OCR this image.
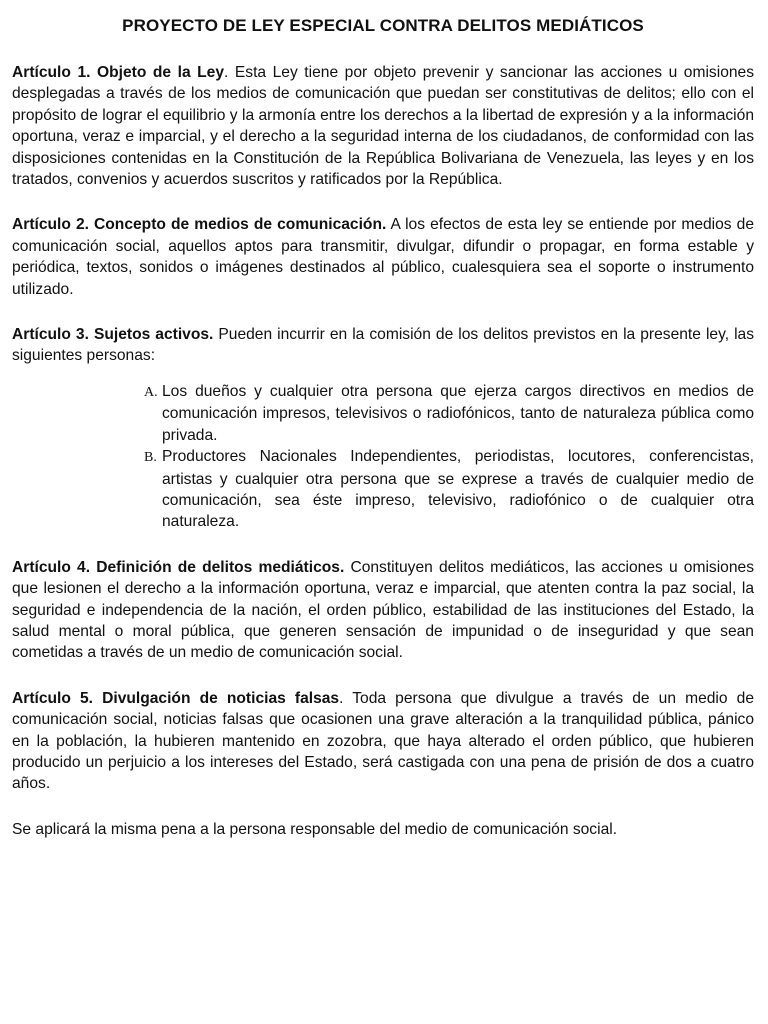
PROYECTO DE LEY ESPECIAL CONTRA DELITOS MEDIÁTICOS

Artículo 1. Objeto de la Ley. Esta Ley tiene por objeto prevenir y sancionar las acciones u omisiones desplegadas a través de los medios de comunicación que puedan ser constitutivas de delitos; ello con el propósito de lograr el equilibrio y la armonía entre los derechos a la libertad de expresión y a la información oportuna, veraz e imparcial, y el derecho a la seguridad interna de los ciudadanos, de conformidad con las disposiciones contenidas en la Constitución de la República Bolivariana de Venezuela, las leyes y en los tratados, convenios y acuerdos suscritos y ratificados por la República.

Artículo 2. Concepto de medios de comunicación. A los efectos de esta ley se entiende por medios de comunicación social, aquellos aptos para transmitir, divulgar, difundir o propagar, en forma estable y periódica, textos, sonidos o imágenes destinados al público, cualesquiera sea el soporte o instrumento utilizado.

Artículo 3. Sujetos activos. Pueden incurrir en la comisión de los delitos previstos en la presente ley, las siguientes personas:

A. Los dueños y cualquier otra persona que ejerza cargos directivos en medios de comunicación impresos, televisivos o radiofónicos, tanto de naturaleza pública como privada.
B. Productores Nacionales Independientes, periodistas, locutores, conferencistas, artistas y cualquier otra persona que se exprese a través de cualquier medio de comunicación, sea éste impreso, televisivo, radiofónico o de cualquier otra naturaleza.

Artículo 4. Definición de delitos mediáticos. Constituyen delitos mediáticos, las acciones u omisiones que lesionen el derecho a la información oportuna, veraz e imparcial, que atenten contra la paz social, la seguridad e independencia de la nación, el orden público, estabilidad de las instituciones del Estado, la salud mental o moral pública, que generen sensación de impunidad o de inseguridad y que sean cometidas a través de un medio de comunicación social.

Artículo 5. Divulgación de noticias falsas. Toda persona que divulgue a través de un medio de comunicación social, noticias falsas que ocasionen una grave alteración a la tranquilidad pública, pánico en la población, la hubieren mantenido en zozobra, que haya alterado el orden público, que hubieren producido un perjuicio a los intereses del Estado, será castigada con una pena de prisión de dos a cuatro años.

Se aplicará la misma pena a la persona responsable del medio de comunicación social.
